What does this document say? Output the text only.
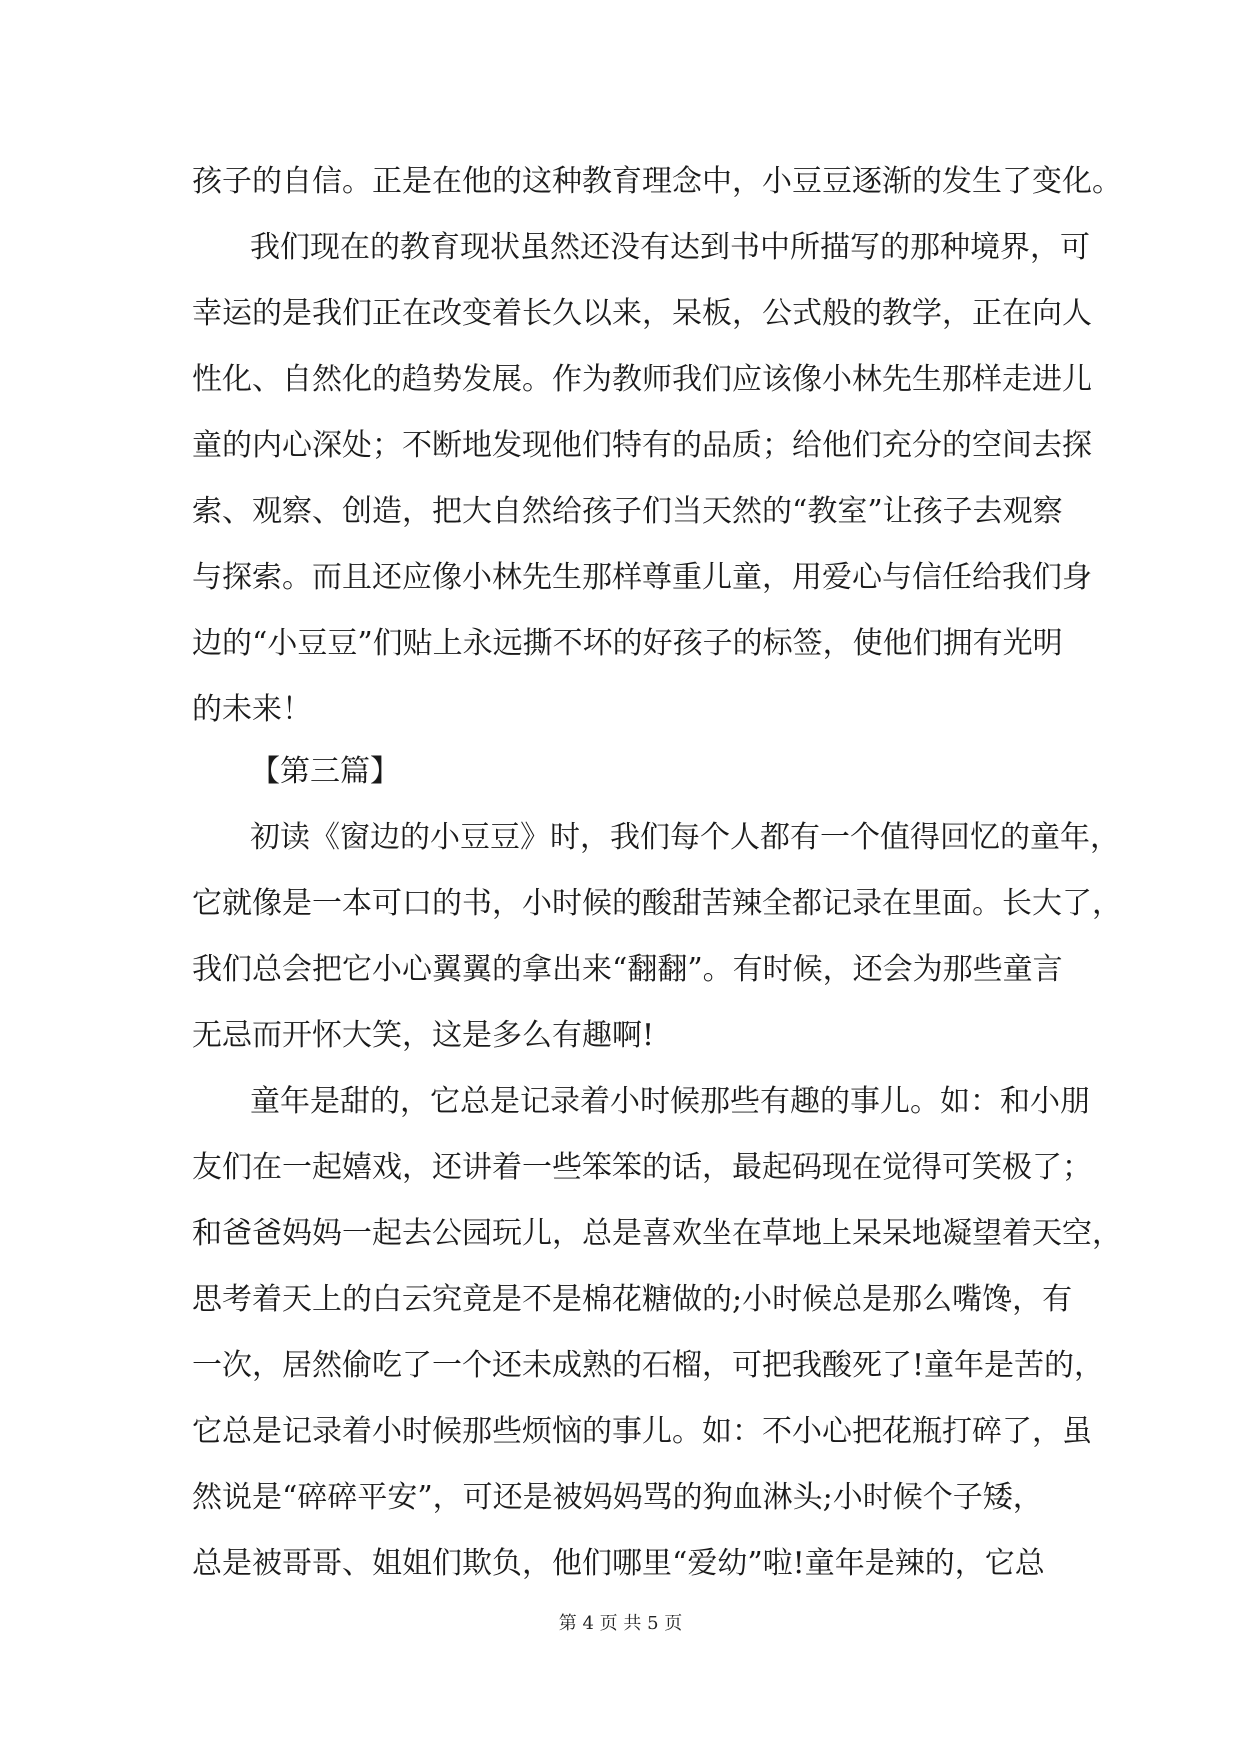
孩子的自信。正是在他的这种教育理念中，小豆豆逐渐的发生了变化。
我们现在的教育现状虽然还没有达到书中所描写的那种境界，可
幸运的是我们正在改变着长久以来，呆板，公式般的教学，正在向人
性化、自然化的趋势发展。作为教师我们应该像小林先生那样走进儿
童的内心深处；不断地发现他们特有的品质；给他们充分的空间去探
索、观察、创造，把大自然给孩子们当天然的“教室”让孩子去观察
与探索。而且还应像小林先生那样尊重儿童，用爱心与信任给我们身
边的“小豆豆”们贴上永远撕不坏的好孩子的标签，使他们拥有光明
的未来！
【第三篇】
初读《窗边的小豆豆》时，我们每个人都有一个值得回忆的童年，
它就像是一本可口的书，小时候的酸甜苦辣全都记录在里面。长大了，
我们总会把它小心翼翼的拿出来“翻翻”。有时候，还会为那些童言
无忌而开怀大笑，这是多么有趣啊!
童年是甜的，它总是记录着小时候那些有趣的事儿。如：和小朋
友们在一起嬉戏，还讲着一些笨笨的话，最起码现在觉得可笑极了；
和爸爸妈妈一起去公园玩儿，总是喜欢坐在草地上呆呆地凝望着天空，
思考着天上的白云究竟是不是棉花糖做的;小时候总是那么嘴馋，有
一次，居然偷吃了一个还未成熟的石榴，可把我酸死了!童年是苦的，
它总是记录着小时候那些烦恼的事儿。如：不小心把花瓶打碎了，虽
然说是“碎碎平安”，可还是被妈妈骂的狗血淋头;小时候个子矮，
总是被哥哥、姐姐们欺负，他们哪里“爱幼”啦!童年是辣的，它总
第 4 页 共 5 页
